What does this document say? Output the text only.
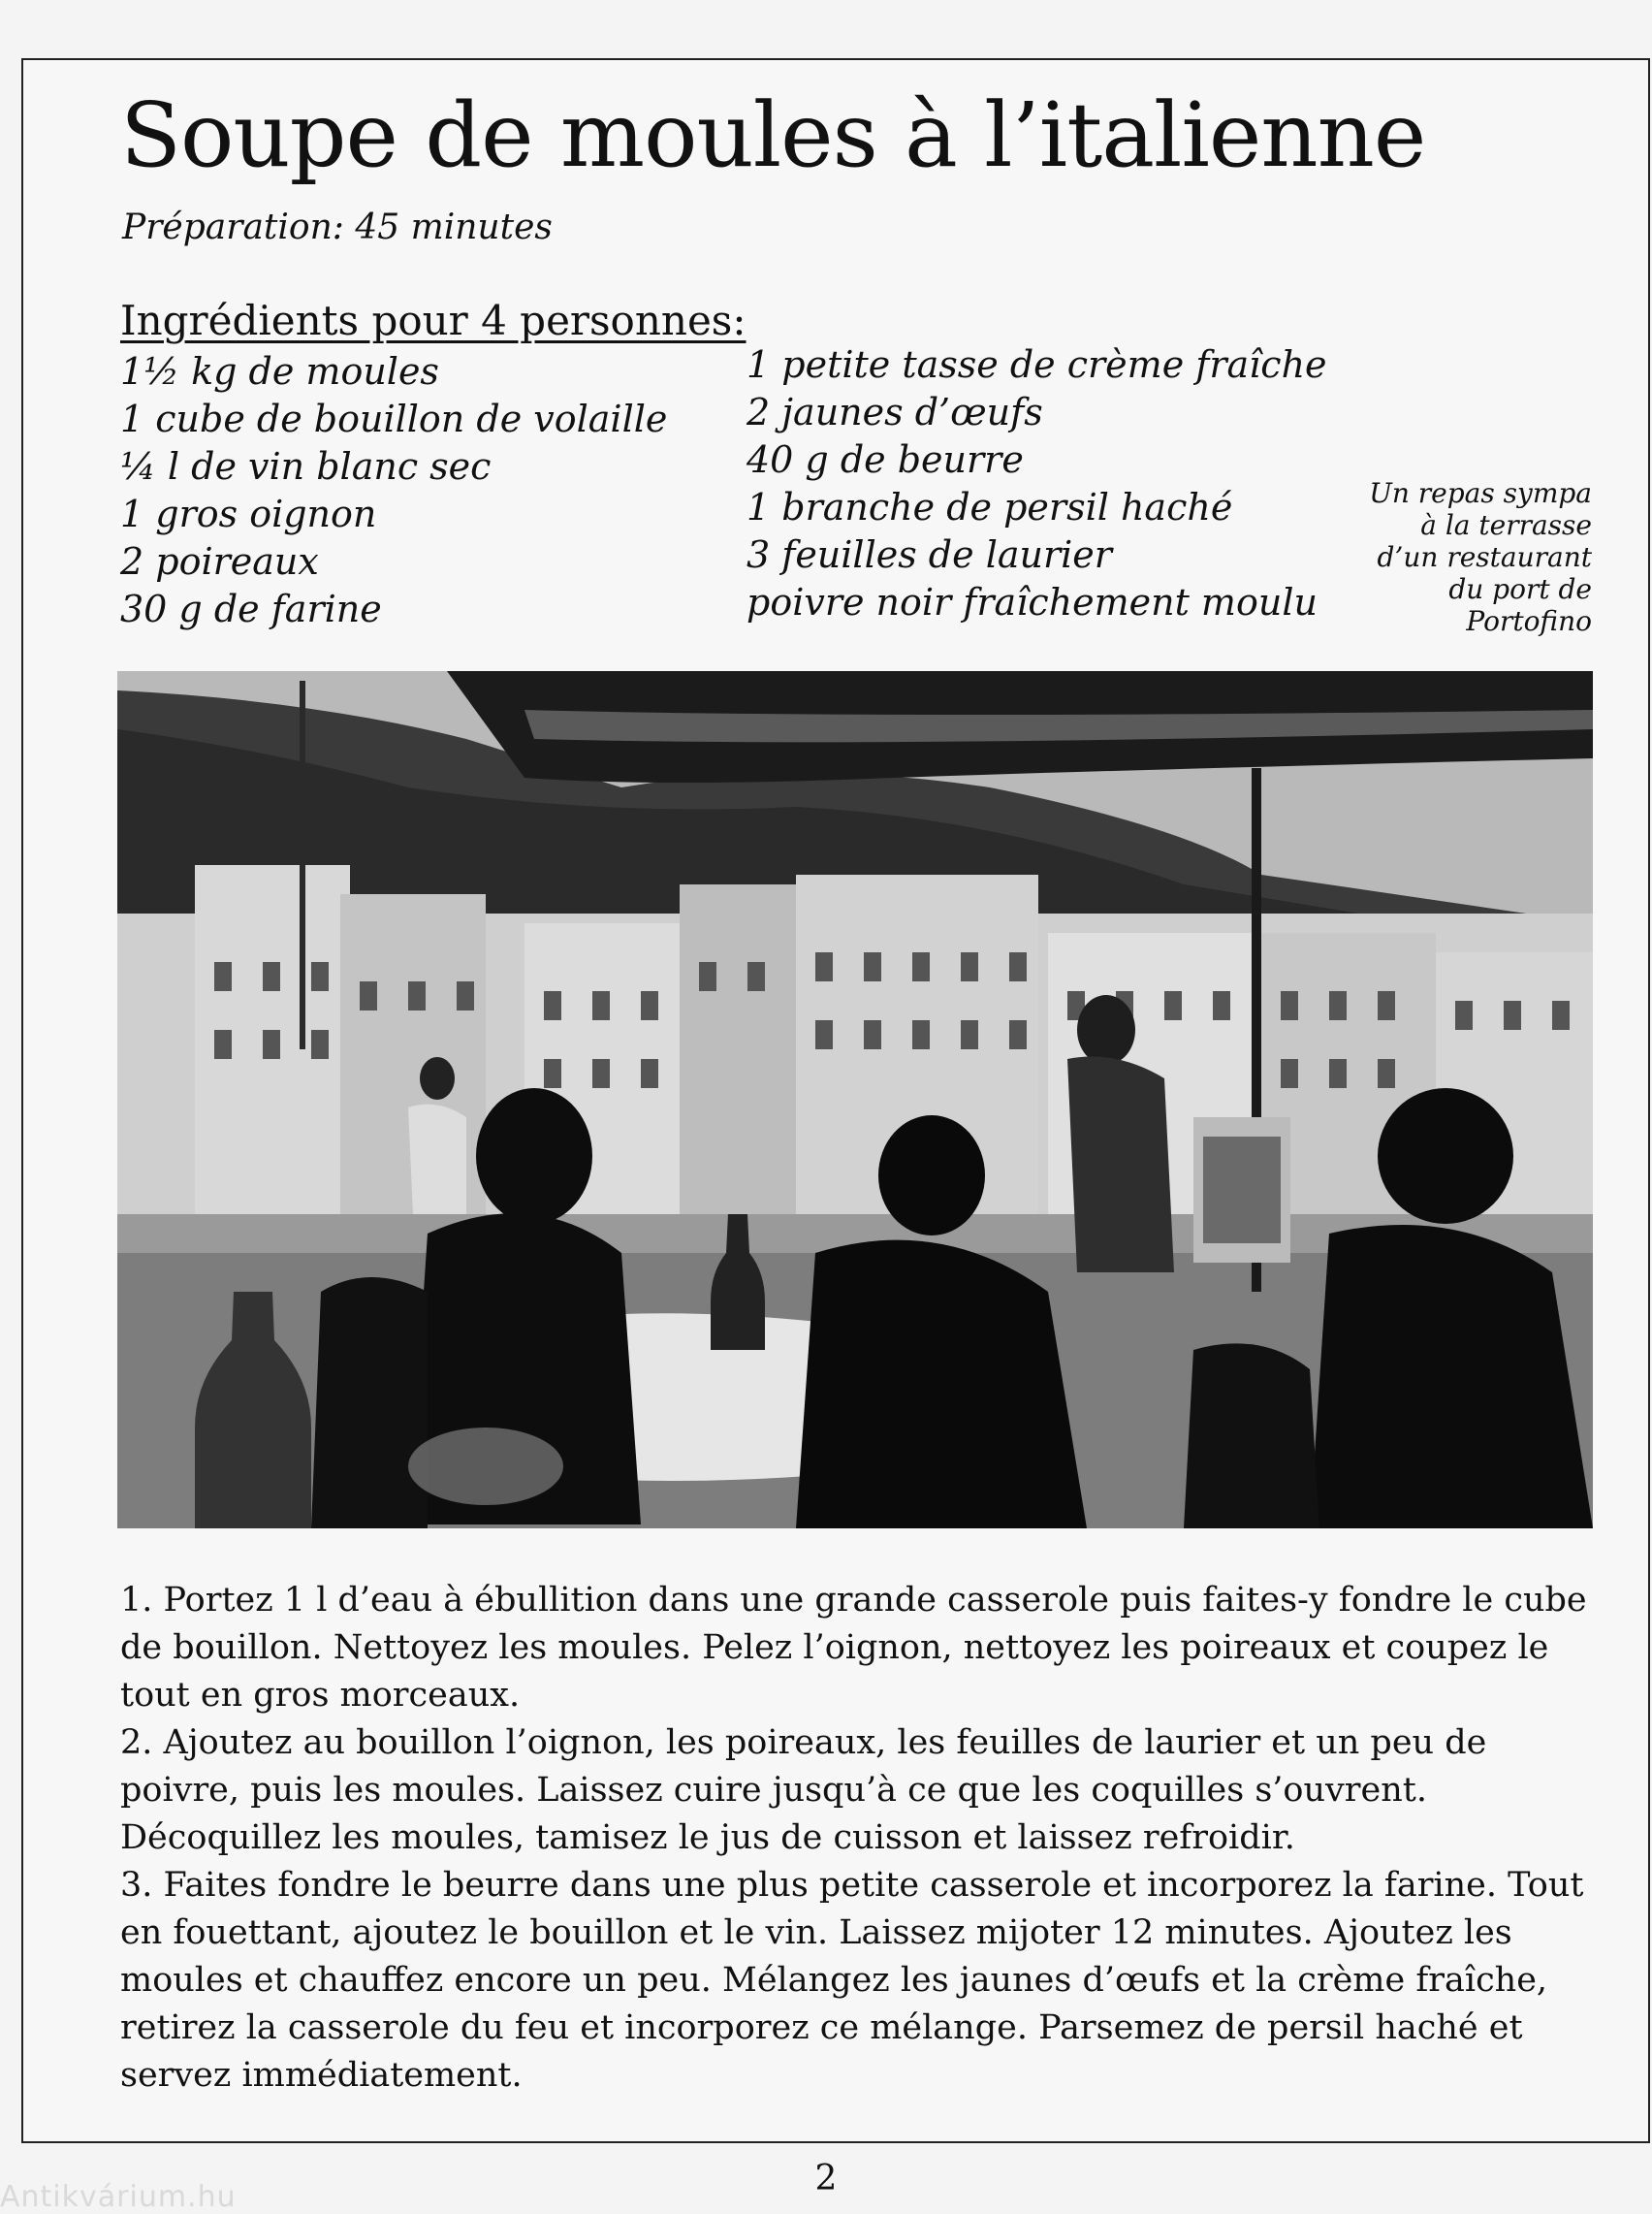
Soupe de moules à l’italienne
Préparation: 45 minutes
Ingrédients pour 4 personnes:
1½ kg de moules
1 cube de bouillon de volaille
¼ l de vin blanc sec
1 gros oignon
2 poireaux
30 g de farine
1 petite tasse de crème fraîche
2 jaunes d’œufs
40 g de beurre
1 branche de persil haché
3 feuilles de laurier
poivre noir fraîchement moulu
Un repas sympa
à la terrasse
d’un restaurant
du port de
Portofino

1. Portez 1 l d’eau à ébullition dans une grande casserole puis faites-y fondre le cube de bouillon. Nettoyez les moules. Pelez l’oignon, nettoyez les poireaux et coupez le tout en gros morceaux.

2. Ajoutez au bouillon l’oignon, les poireaux, les feuilles de laurier et un peu de poivre, puis les moules. Laissez cuire jusqu’à ce que les coquilles s’ouvrent. Décoquillez les moules, tamisez le jus de cuisson et laissez refroidir.

3. Faites fondre le beurre dans une plus petite casserole et incorporez la farine. Tout en fouettant, ajoutez le bouillon et le vin. Laissez mijoter 12 minutes. Ajoutez les moules et chauffez encore un peu. Mélangez les jaunes d’œufs et la crème fraîche, retirez la casserole du feu et incorporez ce mélange. Parsemez de persil haché et servez immédiatement.

2
Antikvárium.hu
